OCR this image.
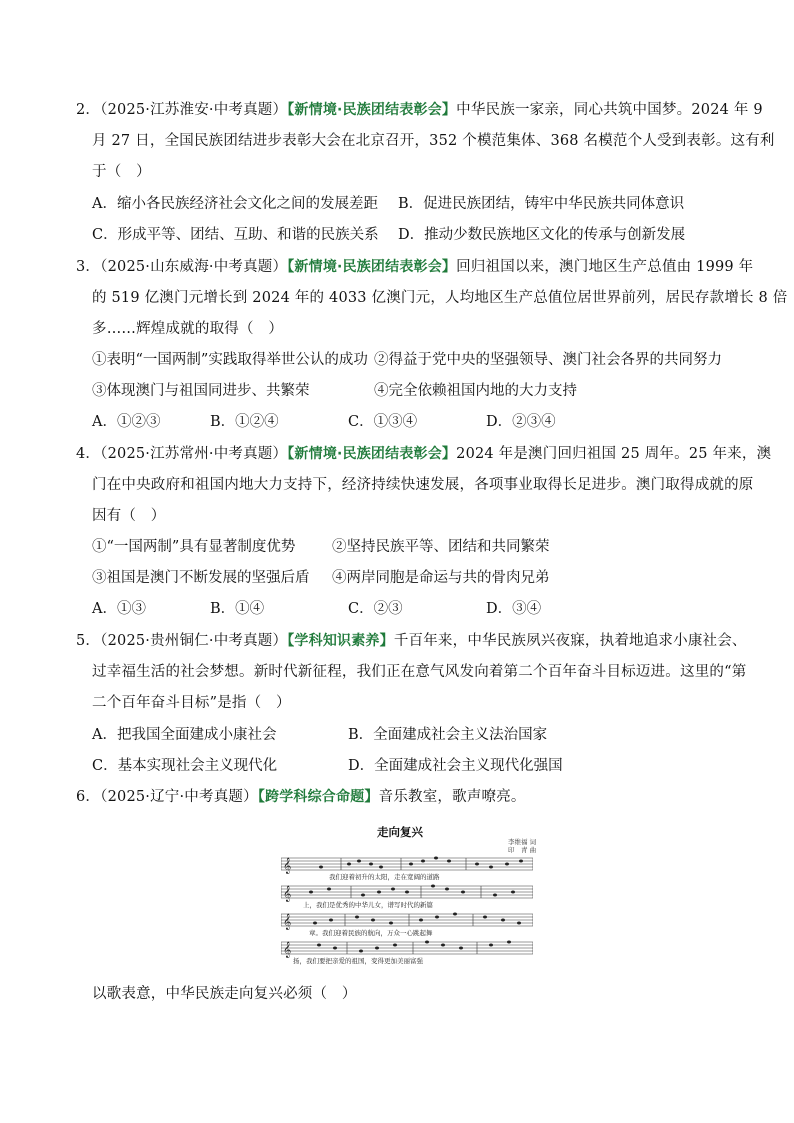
2．（2025·江苏淮安·中考真题）【新情境·民族团结表彰会】中华民族一家亲，同心共筑中国梦。2024 年 9
月 27 日，全国民族团结进步表彰大会在北京召开，352 个模范集体、368 名模范个人受到表彰。这有利
于（　）
A．缩小各民族经济社会文化之间的发展差距 B．促进民族团结，铸牢中华民族共同体意识
C．形成平等、团结、互助、和谐的民族关系 D．推动少数民族地区文化的传承与创新发展
3．（2025·山东威海·中考真题）【新情境·民族团结表彰会】回归祖国以来，澳门地区生产总值由 1999 年
的 519 亿澳门元增长到 2024 年的 4033 亿澳门元，人均地区生产总值位居世界前列，居民存款增长 8 倍
多……辉煌成就的取得（　）
①表明“一国两制”实践取得举世公认的成功 ②得益于党中央的坚强领导、澳门社会各界的共同努力
③体现澳门与祖国同进步、共繁荣	④完全依赖祖国内地的大力支持
A．①②③	B．①②④	C．①③④	D．②③④
4．（2025·江苏常州·中考真题）【新情境·民族团结表彰会】2024 年是澳门回归祖国 25 周年。25 年来，澳
门在中央政府和祖国内地大力支持下，经济持续快速发展，各项事业取得长足进步。澳门取得成就的原
因有（　）
①“一国两制”具有显著制度优势	②坚持民族平等、团结和共同繁荣
③祖国是澳门不断发展的坚强后盾 ④两岸同胞是命运与共的骨肉兄弟
A．①③	B．①④	C．②③	D．③④
5．（2025·贵州铜仁·中考真题）【学科知识素养】千百年来，中华民族夙兴夜寐，执着地追求小康社会、
过幸福生活的社会梦想。新时代新征程，我们正在意气风发向着第二个百年奋斗目标迈进。这里的“第
二个百年奋斗目标”是指（　）
A．把我国全面建成小康社会	B．全面建成社会主义法治国家
C．基本实现社会主义现代化	D．全面建成社会主义现代化强国
6．（2025·辽宁·中考真题）【跨学科综合命题】音乐教室，歌声嘹亮。
走向复兴
李维福 词
印　青 曲
𝄞
我们迎着初升的太阳，走在宽阔的道路
𝄞
上，我们是优秀的中华儿女，谱写时代的新篇
𝄞
章。我们迎着民族的航向，万众一心跳起舞
𝄞
扬，我们要把亲爱的祖国，变得更加美丽富强
以歌表意，中华民族走向复兴必须（　）
